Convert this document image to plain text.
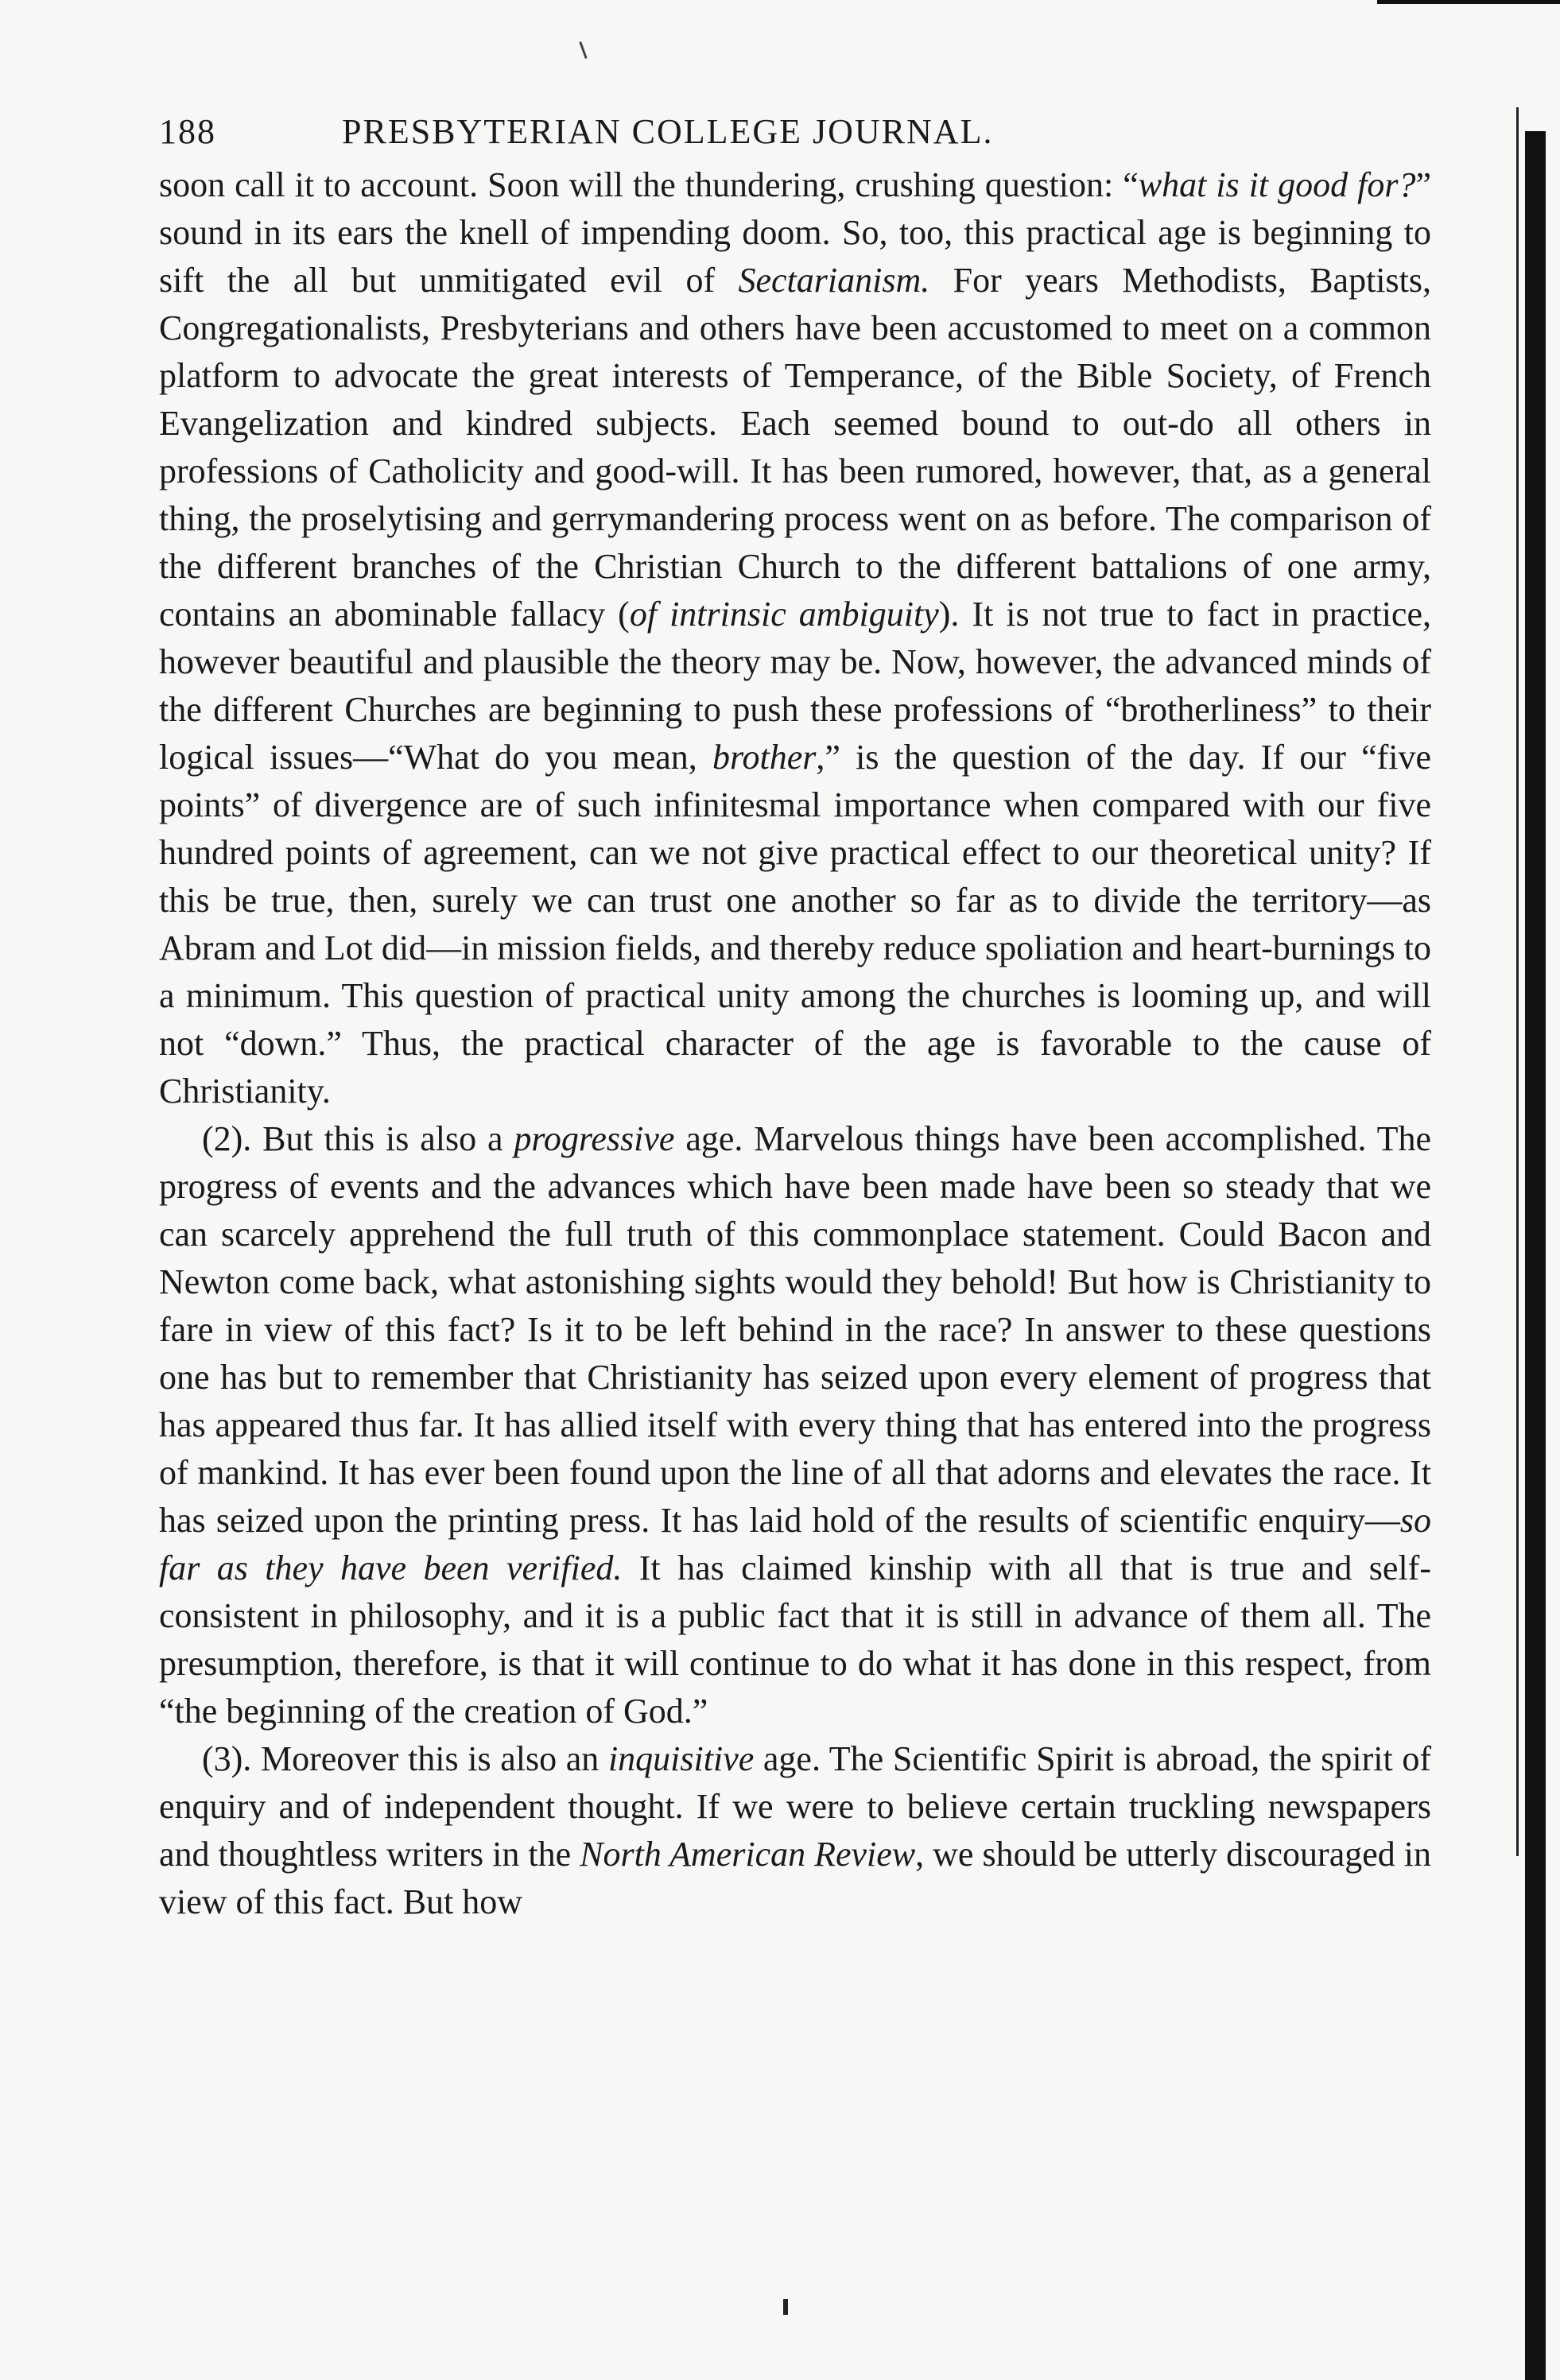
188	PRESBYTERIAN COLLEGE JOURNAL.

soon call it to account. Soon will the thundering, crushing question: “what is it good for?” sound in its ears the knell of impending doom. So, too, this practical age is beginning to sift the all but unmitigated evil of Sectarianism. For years Methodists, Baptists, Congregationalists, Presbyterians and others have been accustomed to meet on a common platform to advocate the great interests of Temperance, of the Bible Society, of French Evangelization and kindred subjects. Each seemed bound to out-do all others in professions of Catholicity and good-will. It has been rumored, however, that, as a general thing, the proselytising and gerrymandering process went on as before. The comparison of the different branches of the Christian Church to the different battalions of one army, contains an abominable fallacy (of intrinsic ambiguity). It is not true to fact in practice, however beautiful and plausible the theory may be. Now, however, the advanced minds of the different Churches are beginning to push these professions of “brotherliness” to their logical issues—“What do you mean, brother,” is the question of the day. If our “five points” of divergence are of such infinitesmal importance when compared with our five hundred points of agreement, can we not give practical effect to our theoretical unity? If this be true, then, surely we can trust one another so far as to divide the territory—as Abram and Lot did—in mission fields, and thereby reduce spoliation and heart-burnings to a minimum. This question of practical unity among the churches is looming up, and will not “down.” Thus, the practical character of the age is favorable to the cause of Christianity.

(2). But this is also a progressive age. Marvelous things have been accomplished. The progress of events and the advances which have been made have been so steady that we can scarcely apprehend the full truth of this commonplace statement. Could Bacon and Newton come back, what astonishing sights would they behold! But how is Christianity to fare in view of this fact? Is it to be left behind in the race? In answer to these questions one has but to remember that Christianity has seized upon every element of progress that has appeared thus far. It has allied itself with every thing that has entered into the progress of mankind. It has ever been found upon the line of all that adorns and elevates the race. It has seized upon the printing press. It has laid hold of the results of scientific enquiry—so far as they have been verified. It has claimed kinship with all that is true and self-consistent in philosophy, and it is a public fact that it is still in advance of them all. The presumption, therefore, is that it will continue to do what it has done in this respect, from “the beginning of the creation of God.”

(3). Moreover this is also an inquisitive age. The Scientific Spirit is abroad, the spirit of enquiry and of independent thought. If we were to believe certain truckling newspapers and thoughtless writers in the North American Review, we should be utterly discouraged in view of this fact. But how
